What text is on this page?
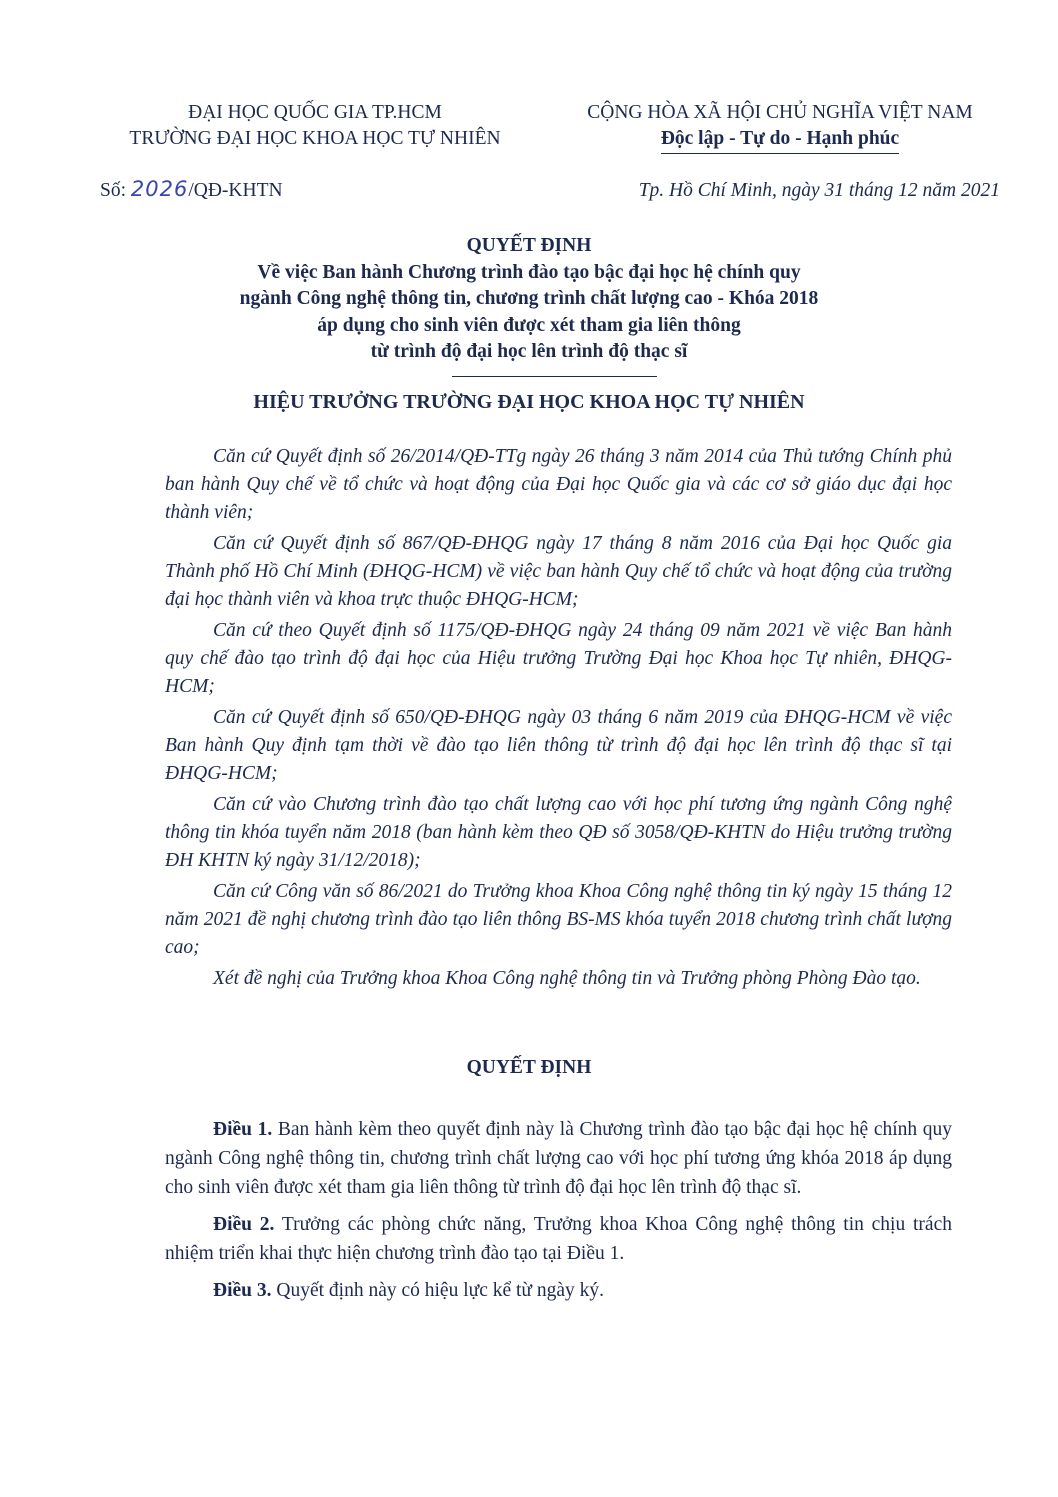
ĐẠI HỌC QUỐC GIA TP.HCM
TRƯỜNG ĐẠI HỌC KHOA HỌC TỰ NHIÊN
CỘNG HÒA XÃ HỘI CHỦ NGHĨA VIỆT NAM
Độc lập - Tự do - Hạnh phúc
Số: 2026/QĐ-KHTN	Tp. Hồ Chí Minh, ngày 31 tháng 12 năm 2021
QUYẾT ĐỊNH
Về việc Ban hành Chương trình đào tạo bậc đại học hệ chính quy
ngành Công nghệ thông tin, chương trình chất lượng cao - Khóa 2018
áp dụng cho sinh viên được xét tham gia liên thông
từ trình độ đại học lên trình độ thạc sĩ
HIỆU TRƯỞNG TRƯỜNG ĐẠI HỌC KHOA HỌC TỰ NHIÊN

Căn cứ Quyết định số 26/2014/QĐ-TTg ngày 26 tháng 3 năm 2014 của Thủ tướng Chính phủ ban hành Quy chế về tổ chức và hoạt động của Đại học Quốc gia và các cơ sở giáo dục đại học thành viên;

Căn cứ Quyết định số 867/QĐ-ĐHQG ngày 17 tháng 8 năm 2016 của Đại học Quốc gia Thành phố Hồ Chí Minh (ĐHQG-HCM) về việc ban hành Quy chế tổ chức và hoạt động của trường đại học thành viên và khoa trực thuộc ĐHQG-HCM;

Căn cứ theo Quyết định số 1175/QĐ-ĐHQG ngày 24 tháng 09 năm 2021 về việc Ban hành quy chế đào tạo trình độ đại học của Hiệu trưởng Trường Đại học Khoa học Tự nhiên, ĐHQG-HCM;

Căn cứ Quyết định số 650/QĐ-ĐHQG ngày 03 tháng 6 năm 2019 của ĐHQG-HCM về việc Ban hành Quy định tạm thời về đào tạo liên thông từ trình độ đại học lên trình độ thạc sĩ tại ĐHQG-HCM;

Căn cứ vào Chương trình đào tạo chất lượng cao với học phí tương ứng ngành Công nghệ thông tin khóa tuyển năm 2018 (ban hành kèm theo QĐ số 3058/QĐ-KHTN do Hiệu trưởng trường ĐH KHTN ký ngày 31/12/2018);

Căn cứ Công văn số 86/2021 do Trưởng khoa Khoa Công nghệ thông tin ký ngày 15 tháng 12 năm 2021 đề nghị chương trình đào tạo liên thông BS-MS khóa tuyển 2018 chương trình chất lượng cao;

Xét đề nghị của Trưởng khoa Khoa Công nghệ thông tin và Trưởng phòng Phòng Đào tạo.

QUYẾT ĐỊNH

Điều 1. Ban hành kèm theo quyết định này là Chương trình đào tạo bậc đại học hệ chính quy ngành Công nghệ thông tin, chương trình chất lượng cao với học phí tương ứng khóa 2018 áp dụng cho sinh viên được xét tham gia liên thông từ trình độ đại học lên trình độ thạc sĩ.

Điều 2. Trưởng các phòng chức năng, Trưởng khoa Khoa Công nghệ thông tin chịu trách nhiệm triển khai thực hiện chương trình đào tạo tại Điều 1.

Điều 3. Quyết định này có hiệu lực kể từ ngày ký.
